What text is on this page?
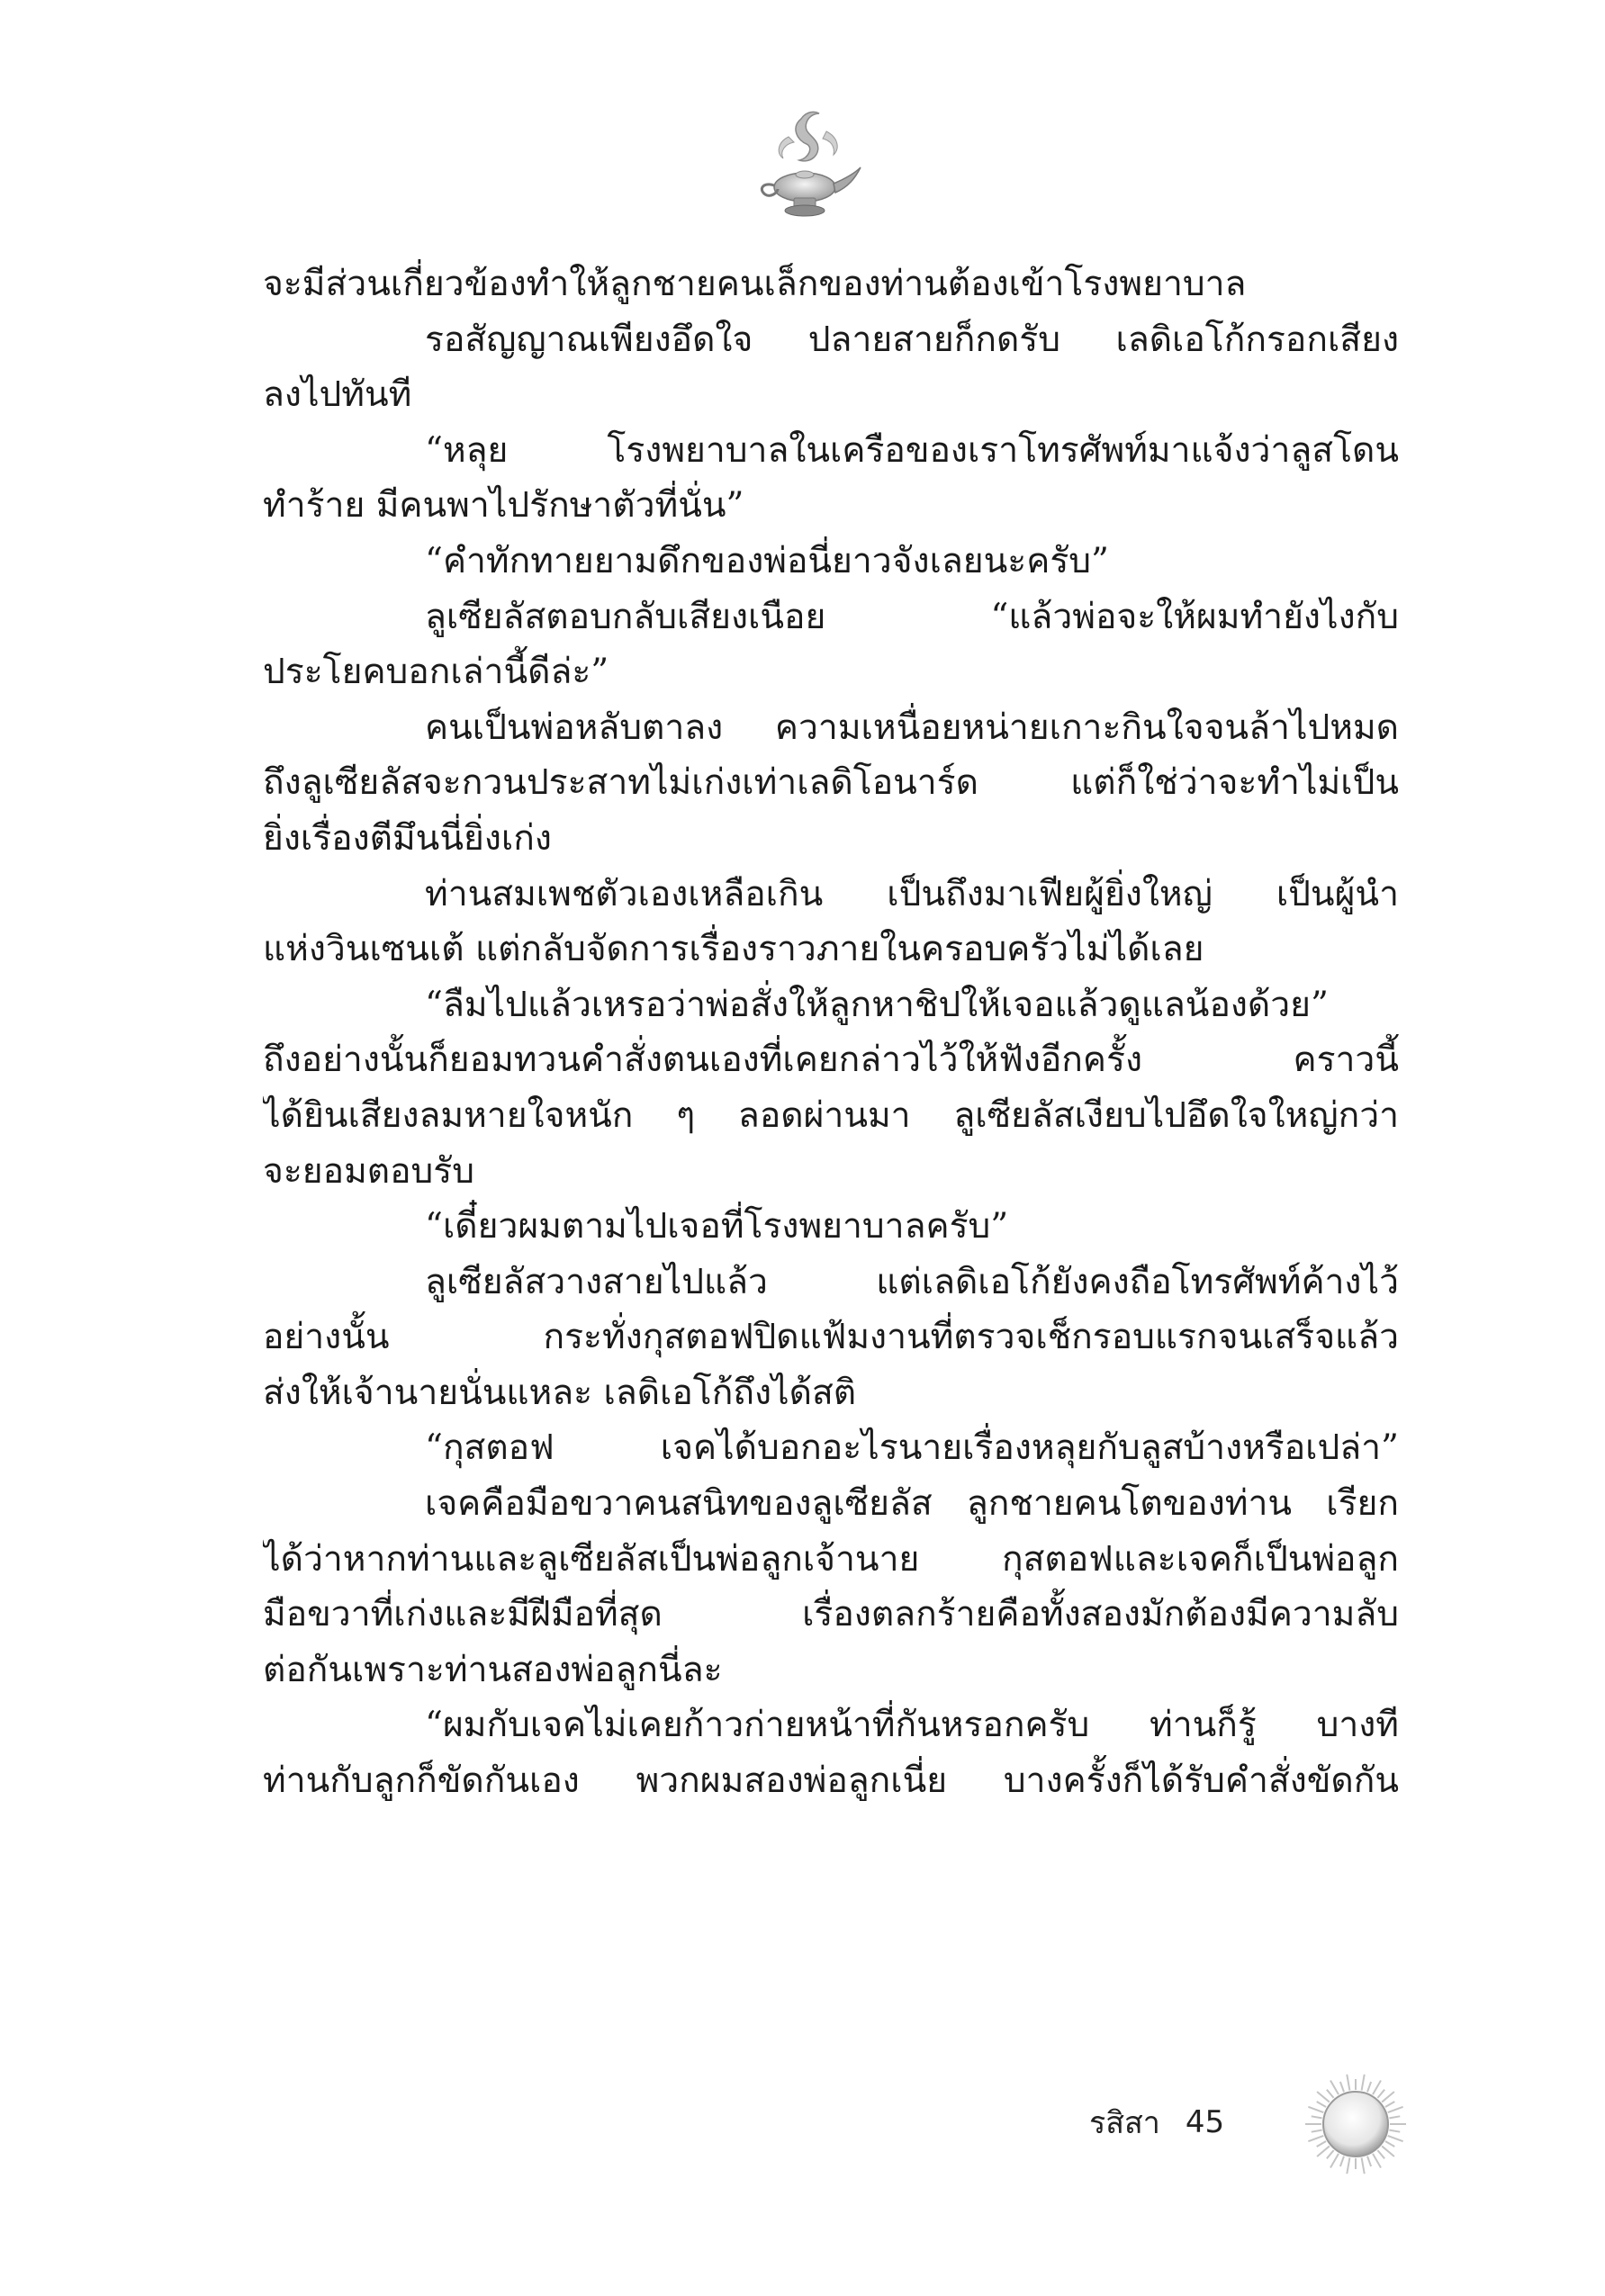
จะมีส่วนเกี่ยวข้องทำให้ลูกชายคนเล็กของท่านต้องเข้าโรงพยาบาล
รอสัญญาณเพียงอึดใจ ปลายสายก็กดรับ เลดิเอโก้กรอกเสียง
ลงไปทันที
“หลุย โรงพยาบาลในเครือของเราโทรศัพท์มาแจ้งว่าลูสโดน
ทำร้าย มีคนพาไปรักษาตัวที่นั่น”
“คำทักทายยามดึกของพ่อนี่ยาวจังเลยนะครับ”
ลูเซียลัสตอบกลับเสียงเนือย “แล้วพ่อจะให้ผมทำยังไงกับ
ประโยคบอกเล่านี้ดีล่ะ”
คนเป็นพ่อหลับตาลง ความเหนื่อยหน่ายเกาะกินใจจนล้าไปหมด
ถึงลูเซียลัสจะกวนประสาทไม่เก่งเท่าเลดิโอนาร์ด แต่ก็ใช่ว่าจะทำไม่เป็น
ยิ่งเรื่องตีมึนนี่ยิ่งเก่ง
ท่านสมเพชตัวเองเหลือเกิน เป็นถึงมาเฟียผู้ยิ่งใหญ่ เป็นผู้นำ
แห่งวินเซนเต้ แต่กลับจัดการเรื่องราวภายในครอบครัวไม่ได้เลย
“ลืมไปแล้วเหรอว่าพ่อสั่งให้ลูกหาชิปให้เจอแล้วดูแลน้องด้วย”
ถึงอย่างนั้นก็ยอมทวนคำสั่งตนเองที่เคยกล่าวไว้ให้ฟังอีกครั้ง คราวนี้
ได้ยินเสียงลมหายใจหนัก ๆ ลอดผ่านมา ลูเซียลัสเงียบไปอึดใจใหญ่กว่า
จะยอมตอบรับ
“เดี๋ยวผมตามไปเจอที่โรงพยาบาลครับ”
ลูเซียลัสวางสายไปแล้ว แต่เลดิเอโก้ยังคงถือโทรศัพท์ค้างไว้
อย่างนั้น กระทั่งกุสตอฟปิดแฟ้มงานที่ตรวจเช็กรอบแรกจนเสร็จแล้ว
ส่งให้เจ้านายนั่นแหละ เลดิเอโก้ถึงได้สติ
“กุสตอฟ เจคได้บอกอะไรนายเรื่องหลุยกับลูสบ้างหรือเปล่า”
เจคคือมือขวาคนสนิทของลูเซียลัส ลูกชายคนโตของท่าน เรียก
ได้ว่าหากท่านและลูเซียลัสเป็นพ่อลูกเจ้านาย กุสตอฟและเจคก็เป็นพ่อลูก
มือขวาที่เก่งและมีฝีมือที่สุด เรื่องตลกร้ายคือทั้งสองมักต้องมีความลับ
ต่อกันเพราะท่านสองพ่อลูกนี่ละ
“ผมกับเจคไม่เคยก้าวก่ายหน้าที่กันหรอกครับ ท่านก็รู้ บางที
ท่านกับลูกก็ขัดกันเอง พวกผมสองพ่อลูกเนี่ย บางครั้งก็ได้รับคำสั่งขัดกัน
รสิสา 45
